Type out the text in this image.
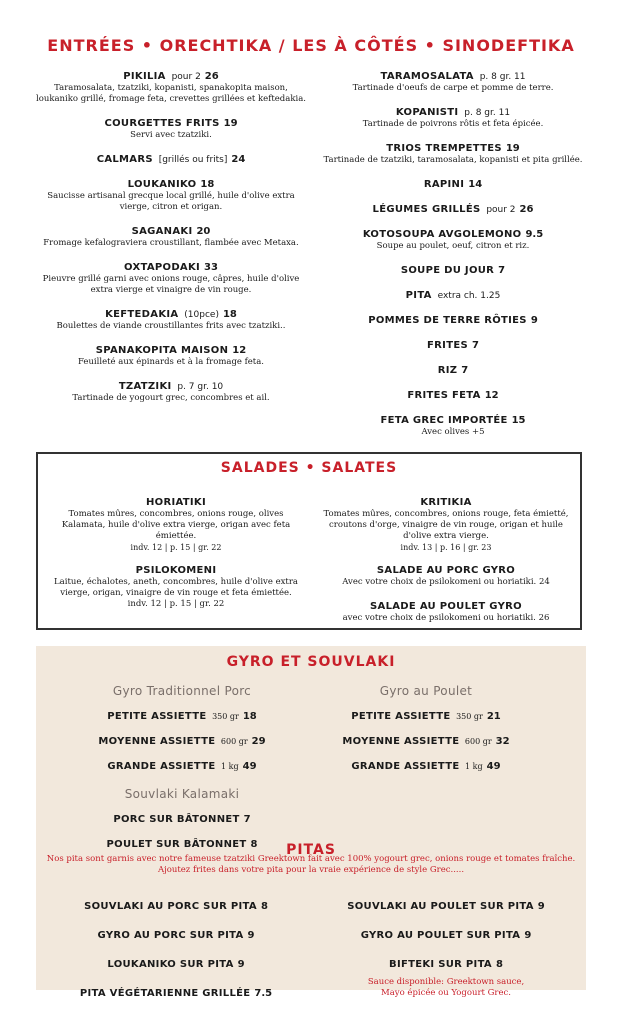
ENTRÉES • ORECHTIKA / LES À CÔTÉS • SINODEFTIKA
PIKILIA pour 2 26
Taramosalata, tzatziki, kopanisti, spanakopita maison, loukaniko grillé, fromage feta, crevettes grillées et keftedakia.
COURGETTES FRITS 19
Servi avec tzatziki.
CALMARS [grillés ou frits] 24
LOUKANIKO 18
Saucisse artisanal grecque local grillé, huile d'olive extra vierge, citron et origan.
SAGANAKI 20
Fromage kefalograviera croustillant, flambée avec Metaxa.
OXTAPODAKI 33
Pieuvre grillé garni avec onions rouge, câpres, huile d'olive extra vierge et vinaigre de vin rouge.
KEFTEDAKIA (10pce) 18
Boulettes de viande croustillantes frits avec tzatziki..
SPANAKOPITA MAISON 12
Feuilleté aux épinards et à la fromage feta.
TZATZIKI p. 7 gr. 10
Tartinade de yogourt grec, concombres et ail.
TARAMOSALATA p. 8 gr. 11
Tartinade d'oeufs de carpe et pomme de terre.
KOPANISTI p. 8 gr. 11
Tartinade de poivrons rôtis et feta épicée.
TRIOS TREMPETTES 19
Tartinade de tzatziki, taramosalata, kopanisti et pita grillée.
RAPINI 14
LÉGUMES GRILLÉS pour 2 26
KOTOSOUPA AVGOLEMONO 9.5
Soupe au poulet, oeuf, citron et riz.
SOUPE DU JOUR 7
PITA extra ch. 1.25
POMMES DE TERRE RÔTIES 9
FRITES 7
RIZ 7
FRITES FETA 12
FETA GREC IMPORTÉE 15
Avec olives +5
SALADES • SALATES
HORIATIKI
Tomates mûres, concombres, onions rouge, olives Kalamata, huile d'olive extra vierge, origan avec feta émiettée.
indv. 12 | p. 15 | gr. 22
PSILOKOMENI
Laitue, échalotes, aneth, concombres, huile d'olive extra vierge, origan, vinaigre de vin rouge et feta émiettée. indv. 12 | p. 15 | gr. 22
KRITIKIA
Tomates mûres, concombres, onions rouge, feta émietté, croutons d'orge, vinaigre de vin rouge, origan et huile d'olive extra vierge.
indv. 13 | p. 16 | gr. 23
SALADE AU PORC GYRO
Avec votre choix de psilokomeni ou horiatiki. 24
SALADE AU POULET GYRO
avec votre choix de psilokomeni ou horiatiki. 26
GYRO ET SOUVLAKI
Gyro Traditionnel Porc
PETITE ASSIETTE 350 gr 18
MOYENNE ASSIETTE 600 gr 29
GRANDE ASSIETTE 1 kg 49
Souvlaki Kalamaki
PORC SUR BÂTONNET 7
POULET SUR BÂTONNET 8
Gyro au Poulet
PETITE ASSIETTE 350 gr 21
MOYENNE ASSIETTE 600 gr 32
GRANDE ASSIETTE 1 kg 49
PITAS
Nos pita sont garnis avec notre fameuse tzatziki Greektown fait avec 100% yogourt grec, onions rouge et tomates fraîche.
Ajoutez frites dans votre pita pour la vraie expérience de style Grec.....
SOUVLAKI AU PORC SUR PITA 8
GYRO AU PORC SUR PITA 9
LOUKANIKO SUR PITA 9
PITA VÉGÉTARIENNE GRILLÉE 7.5
SOUVLAKI AU POULET SUR PITA 9
GYRO AU POULET SUR PITA 9
BIFTEKI SUR PITA 8
Sauce disponible: Greektown sauce,
Mayo épicée ou Yogourt Grec.
